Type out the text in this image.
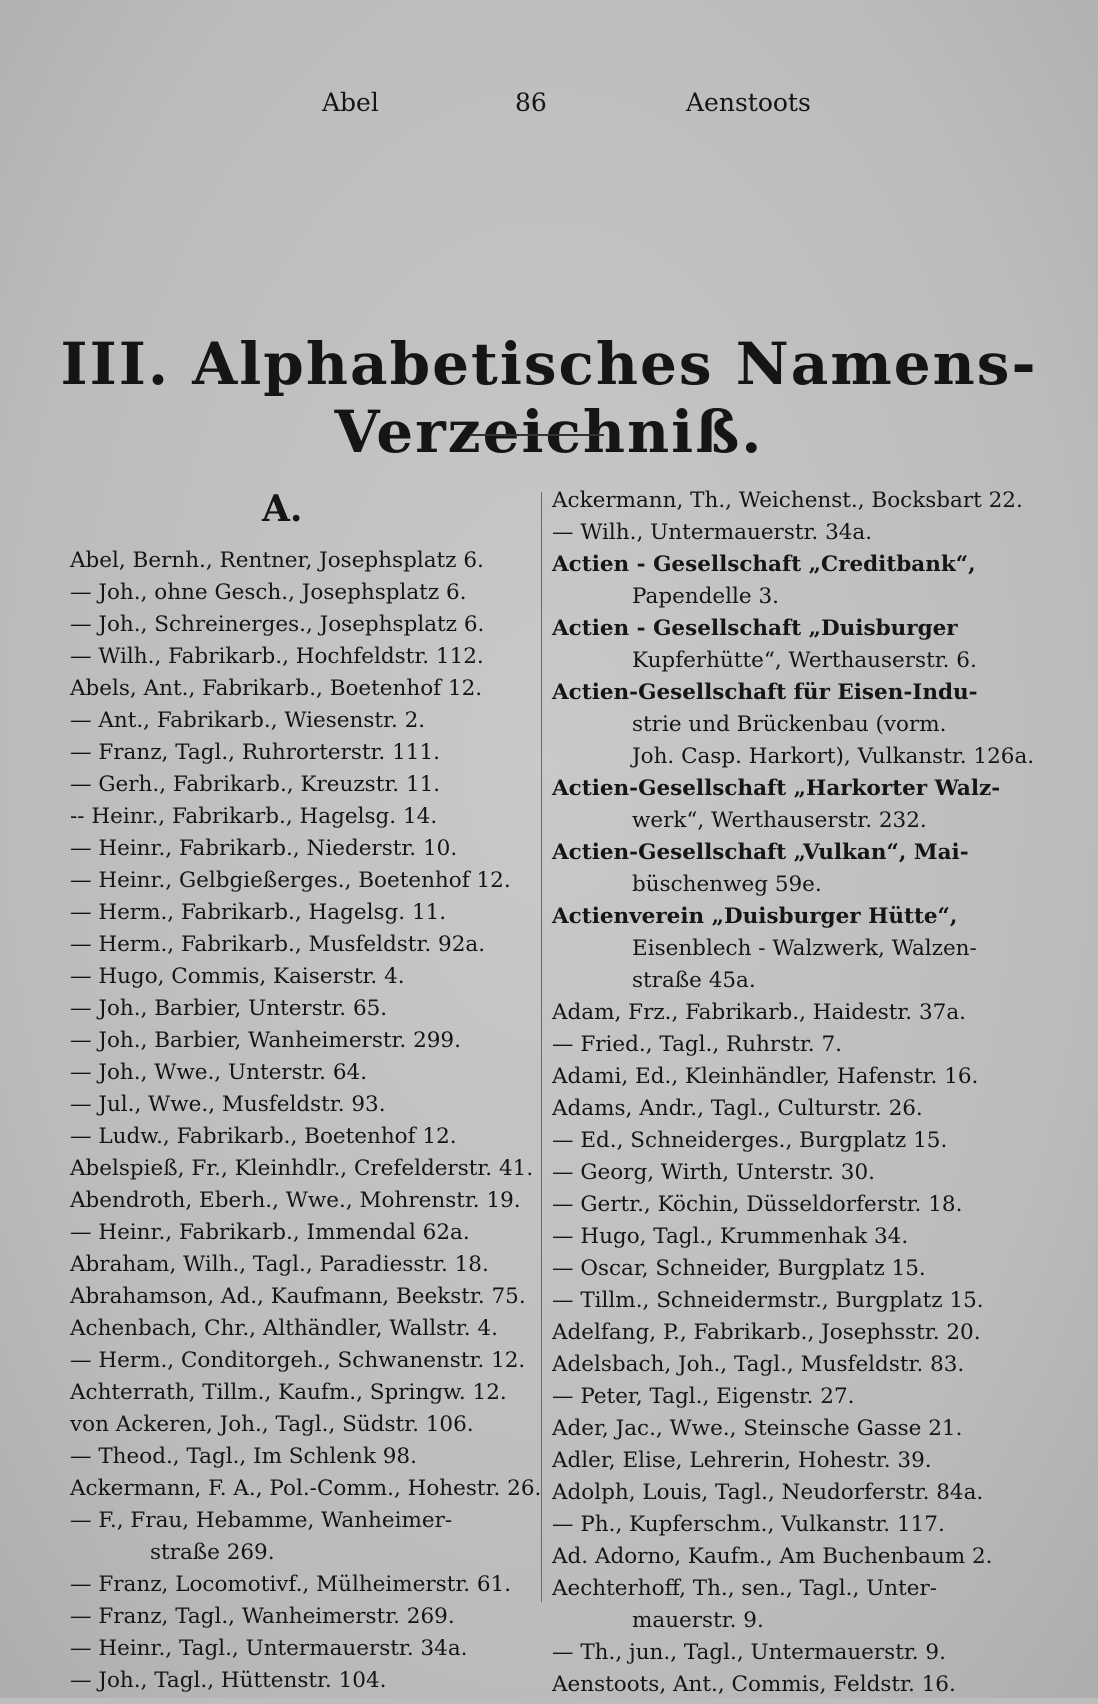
Abel	86	Aenstoots
III. Alphabetisches Namens-Verzeichniß.
A.
Abel, Bernh., Rentner, Josephsplatz 6.
— Joh., ohne Gesch., Josephsplatz 6.
— Joh., Schreinerges., Josephsplatz 6.
— Wilh., Fabrikarb., Hochfeldstr. 112.
Abels, Ant., Fabrikarb., Boetenhof 12.
— Ant., Fabrikarb., Wiesenstr. 2.
— Franz, Tagl., Ruhrorterstr. 111.
— Gerh., Fabrikarb., Kreuzstr. 11.
-- Heinr., Fabrikarb., Hagelsg. 14.
— Heinr., Fabrikarb., Niederstr. 10.
— Heinr., Gelbgießerges., Boetenhof 12.
— Herm., Fabrikarb., Hagelsg. 11.
— Herm., Fabrikarb., Musfeldstr. 92a.
— Hugo, Commis, Kaiserstr. 4.
— Joh., Barbier, Unterstr. 65.
— Joh., Barbier, Wanheimerstr. 299.
— Joh., Wwe., Unterstr. 64.
— Jul., Wwe., Musfeldstr. 93.
— Ludw., Fabrikarb., Boetenhof 12.
Abelspieß, Fr., Kleinhdlr., Crefelderstr. 41.
Abendroth, Eberh., Wwe., Mohrenstr. 19.
— Heinr., Fabrikarb., Immendal 62a.
Abraham, Wilh., Tagl., Paradiesstr. 18.
Abrahamson, Ad., Kaufmann, Beekstr. 75.
Achenbach, Chr., Althändler, Wallstr. 4.
— Herm., Conditorgeh., Schwanenstr. 12.
Achterrath, Tillm., Kaufm., Springw. 12.
von Ackeren, Joh., Tagl., Südstr. 106.
— Theod., Tagl., Im Schlenk 98.
Ackermann, F. A., Pol.-Comm., Hohestr. 26.
— F., Frau, Hebamme, Wanheimer-
straße 269.
— Franz, Locomotivf., Mülheimerstr. 61.
— Franz, Tagl., Wanheimerstr. 269.
— Heinr., Tagl., Untermauerstr. 34a.
— Joh., Tagl., Hüttenstr. 104.
Ackermann, Th., Weichenst., Bocksbart 22.
— Wilh., Untermauerstr. 34a.
Actien - Gesellschaft „Creditbank“,
Papendelle 3.
Actien - Gesellschaft „Duisburger
Kupferhütte“, Werthauserstr. 6.
Actien-Gesellschaft für Eisen-Indu-
strie und Brückenbau (vorm.
Joh. Casp. Harkort), Vulkanstr. 126a.
Actien-Gesellschaft „Harkorter Walz-
werk“, Werthauserstr. 232.
Actien-Gesellschaft „Vulkan“, Mai-
büschenweg 59e.
Actienverein „Duisburger Hütte“,
Eisenblech - Walzwerk, Walzen-
straße 45a.
Adam, Frz., Fabrikarb., Haidestr. 37a.
— Fried., Tagl., Ruhrstr. 7.
Adami, Ed., Kleinhändler, Hafenstr. 16.
Adams, Andr., Tagl., Culturstr. 26.
— Ed., Schneiderges., Burgplatz 15.
— Georg, Wirth, Unterstr. 30.
— Gertr., Köchin, Düsseldorferstr. 18.
— Hugo, Tagl., Krummenhak 34.
— Oscar, Schneider, Burgplatz 15.
— Tillm., Schneidermstr., Burgplatz 15.
Adelfang, P., Fabrikarb., Josephsstr. 20.
Adelsbach, Joh., Tagl., Musfeldstr. 83.
— Peter, Tagl., Eigenstr. 27.
Ader, Jac., Wwe., Steinsche Gasse 21.
Adler, Elise, Lehrerin, Hohestr. 39.
Adolph, Louis, Tagl., Neudorferstr. 84a.
— Ph., Kupferschm., Vulkanstr. 117.
Ad. Adorno, Kaufm., Am Buchenbaum 2.
Aechterhoff, Th., sen., Tagl., Unter-
mauerstr. 9.
— Th., jun., Tagl., Untermauerstr. 9.
Aenstoots, Ant., Commis, Feldstr. 16.
